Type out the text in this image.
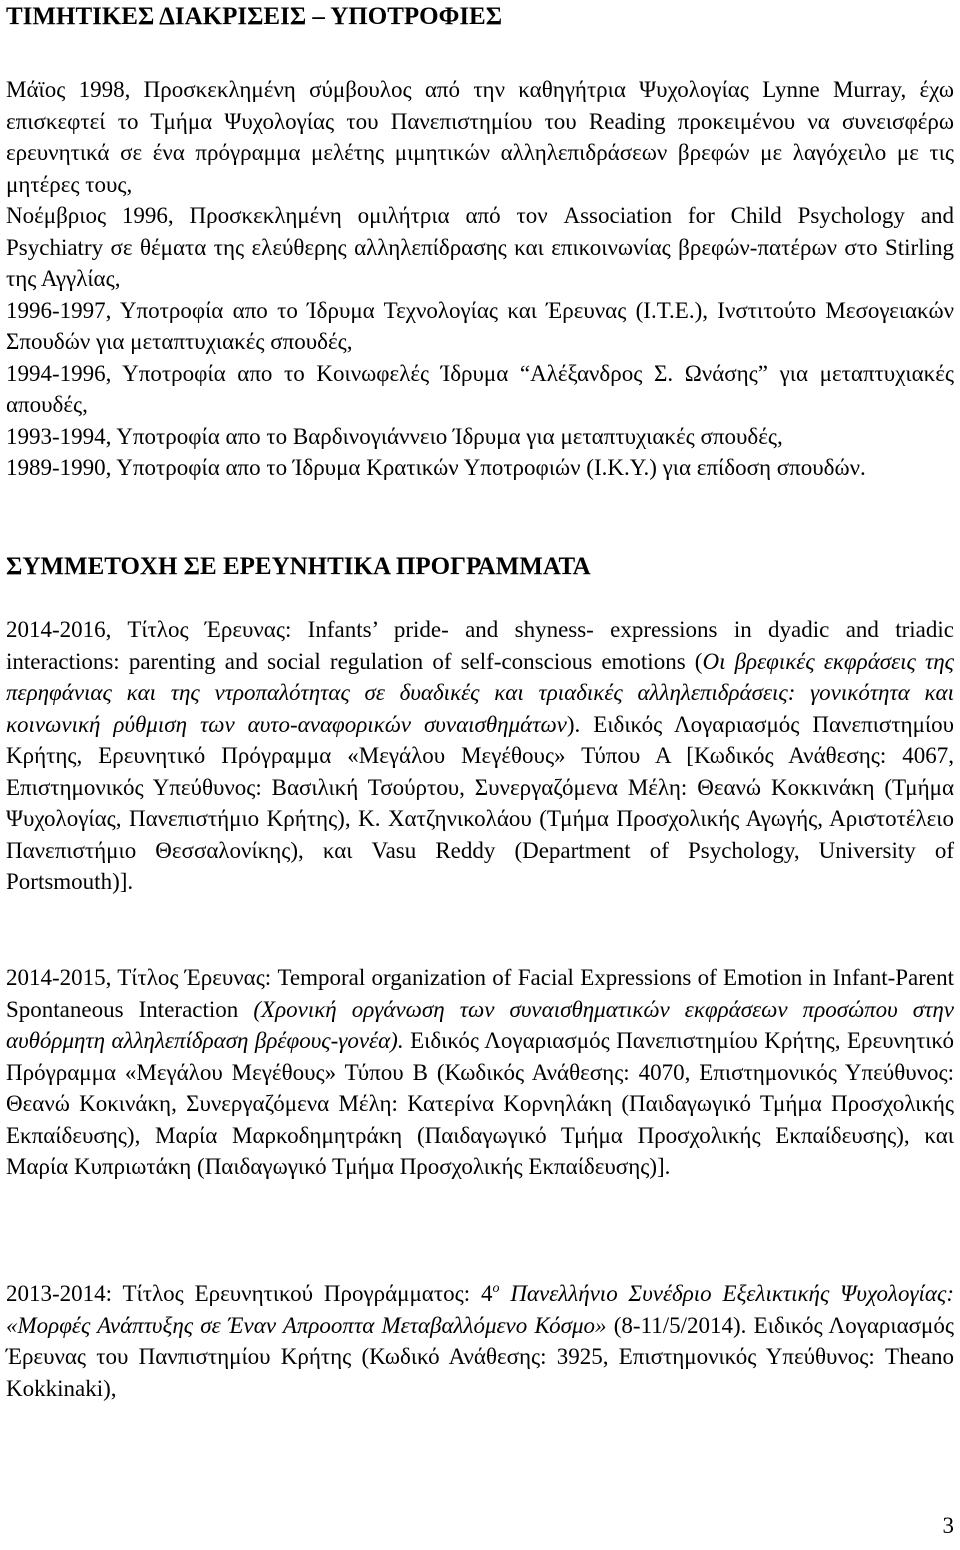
ΤΙΜΗΤΙΚΕΣ ΔΙΑΚΡΙΣΕΙΣ – ΥΠΟΤΡΟΦΙΕΣ

Μάϊος 1998, Προσκεκλημένη σύμβουλος από την καθηγήτρια Ψυχολογίας Lynne Murray, έχω επισκεφτεί το Τμήμα Ψυχολογίας του Πανεπιστημίου του Reading προκειμένου να συνεισφέρω ερευνητικά σε ένα πρόγραμμα μελέτης μιμητικών αλληλεπιδράσεων βρεφών με λαγόχειλο με τις μητέρες τους,

Νοέμβριος 1996, Προσκεκλημένη ομιλήτρια από τον Association for Child Psychology and Psychiatry σε θέματα της ελεύθερης αλληλεπίδρασης και επικοινωνίας βρεφών-πατέρων στο Stirling της Αγγλίας,

1996-1997, Υποτροφία απο το Ίδρυμα Τεχνολογίας και Έρευνας (Ι.Τ.Ε.), Ινστιτούτο Μεσογειακών Σπουδών για μεταπτυχιακές σπουδές,

1994-1996, Υποτροφία απο το Κοινωφελές Ίδρυμα “Αλέξανδρος Σ. Ωνάσης” για μεταπτυχιακές απουδές,

1993-1994, Υποτροφία απο το Βαρδινογιάννειο Ίδρυμα για μεταπτυχιακές σπουδές,

1989-1990, Υποτροφία απο το Ίδρυμα Κρατικών Υποτροφιών (Ι.Κ.Υ.) για επίδοση σπουδών.

ΣΥΜΜΕΤΟΧΗ ΣΕ ΕΡΕΥΝΗΤΙΚΑ ΠΡΟΓΡΑΜΜΑΤΑ

2014-2016, Τίτλος Έρευνας: Infants’ pride- and shyness- expressions in dyadic and triadic interactions: parenting and social regulation of self-conscious emotions (Οι βρεφικές εκφράσεις της περηφάνιας και της ντροπαλότητας σε δυαδικές και τριαδικές αλληλεπιδράσεις: γονικότητα και κοινωνική ρύθμιση των αυτο-αναφορικών συναισθημάτων). Ειδικός Λογαριασμός Πανεπιστημίου Κρήτης, Ερευνητικό Πρόγραμμα «Μεγάλου Μεγέθους» Τύπου Α [Κωδικός Ανάθεσης: 4067, Επιστημονικός Υπεύθυνος: Βασιλική Τσούρτου, Συνεργαζόμενα Μέλη: Θεανώ Κοκκινάκη (Τμήμα Ψυχολογίας, Πανεπιστήμιο Κρήτης), Κ. Χατζηνικολάου (Τμήμα Προσχολικής Αγωγής, Αριστοτέλειο Πανεπιστήμιο Θεσσαλονίκης), και Vasu Reddy (Department of Psychology, University of Portsmouth)].

2014-2015, Τίτλος Έρευνας: Temporal organization of Facial Expressions of Emotion in Infant-Parent Spontaneous Interaction (Χρονική οργάνωση των συναισθηματικών εκφράσεων προσώπου στην αυθόρμητη αλληλεπίδραση βρέφους-γονέα). Ειδικός Λογαριασμός Πανεπιστημίου Κρήτης, Ερευνητικό Πρόγραμμα «Μεγάλου Μεγέθους» Τύπου Β (Κωδικός Ανάθεσης: 4070, Επιστημονικός Υπεύθυνος: Θεανώ Κοκινάκη, Συνεργαζόμενα Μέλη: Κατερίνα Κορνηλάκη (Παιδαγωγικό Τμήμα Προσχολικής Εκπαίδευσης), Μαρία Μαρκοδημητράκη (Παιδαγωγικό Τμήμα Προσχολικής Εκπαίδευσης), και Μαρία Κυπριωτάκη (Παιδαγωγικό Τμήμα Προσχολικής Εκπαίδευσης)].

2013-2014: Τίτλος Ερευνητικού Προγράμματος: $4^o$ Πανελλήνιο Συνέδριο Εξελικτικής Ψυχολογίας: «Μορφές Ανάπτυξης σε Έναν Απροοπτα Μεταβαλλόμενο Κόσμο» (8-11/5/2014). Ειδικός Λογαριασμός Έρευνας του Πανπιστημίου Κρήτης (Κωδικό Ανάθεσης: 3925, Επιστημονικός Υπεύθυνος: Theano Kokkinaki),

3
